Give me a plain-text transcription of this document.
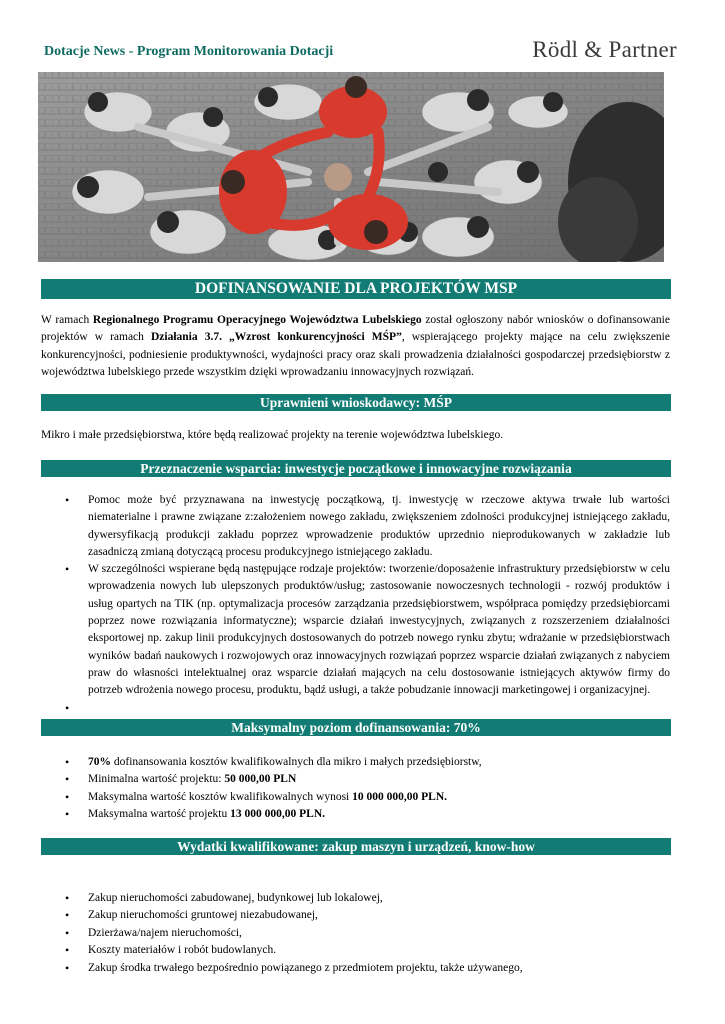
Dotacje News - Program Monitorowania Dotacji	Rödl & Partner
DOFINANSOWANIE DLA PROJEKTÓW MSP
W ramach Regionalnego Programu Operacyjnego Województwa Lubelskiego został ogłoszony nabór wniosków o dofinansowanie projektów w ramach Działania 3.7. „Wzrost konkurencyjności MŚP”, wspierającego projekty mające na celu zwiększenie konkurencyjności, podniesienie produktywności, wydajności pracy oraz skali prowadzenia działalności gospodarczej przedsiębiorstw z województwa lubelskiego przede wszystkim dzięki wprowadzaniu innowacyjnych rozwiązań.
Uprawnieni wnioskodawcy: MŚP
Mikro i małe przedsiębiorstwa, które będą realizować projekty na terenie województwa lubelskiego.
Przeznaczenie wsparcia: inwestycje początkowe i innowacyjne rozwiązania
• Pomoc może być przyznawana na inwestycję początkową, tj. inwestycję w rzeczowe aktywa trwałe lub wartości niematerialne i prawne związane z:założeniem nowego zakładu, zwiększeniem zdolności produkcyjnej istniejącego zakładu, dywersyfikacją produkcji zakładu poprzez wprowadzenie produktów uprzednio nieprodukowanych w zakładzie lub zasadniczą zmianą dotyczącą procesu produkcyjnego istniejącego zakładu.
• W szczególności wspierane będą następujące rodzaje projektów: tworzenie/doposażenie infrastruktury przedsiębiorstw w celu wprowadzenia nowych lub ulepszonych produktów/usług; zastosowanie nowoczesnych technologii - rozwój produktów i usług opartych na TIK (np. optymalizacja procesów zarządzania przedsiębiorstwem, współpraca pomiędzy przedsiębiorcami poprzez nowe rozwiązania informatyczne); wsparcie działań inwestycyjnych, związanych z rozszerzeniem działalności eksportowej np. zakup linii produkcyjnych dostosowanych do potrzeb nowego rynku zbytu; wdrażanie w przedsiębiorstwach wyników badań naukowych i rozwojowych oraz innowacyjnych rozwiązań poprzez wsparcie działań związanych z nabyciem praw do własności intelektualnej oraz wsparcie działań mających na celu dostosowanie istniejących aktywów firmy do potrzeb wdrożenia nowego procesu, produktu, bądź usługi, a także pobudzanie innowacji marketingowej i organizacyjnej.
•
Maksymalny poziom dofinansowania: 70%
• 70% dofinansowania kosztów kwalifikowalnych dla mikro i małych przedsiębiorstw,
• Minimalna wartość projektu: 50 000,00 PLN
• Maksymalna wartość kosztów kwalifikowalnych wynosi 10 000 000,00 PLN.
• Maksymalna wartość projektu 13 000 000,00 PLN.
Wydatki kwalifikowane: zakup maszyn i urządzeń, know-how
• Zakup nieruchomości zabudowanej, budynkowej lub lokalowej,
• Zakup nieruchomości gruntowej niezabudowanej,
• Dzierżawa/najem nieruchomości,
• Koszty materiałów i robót budowlanych.
• Zakup środka trwałego bezpośrednio powiązanego z przedmiotem projektu, także używanego,
